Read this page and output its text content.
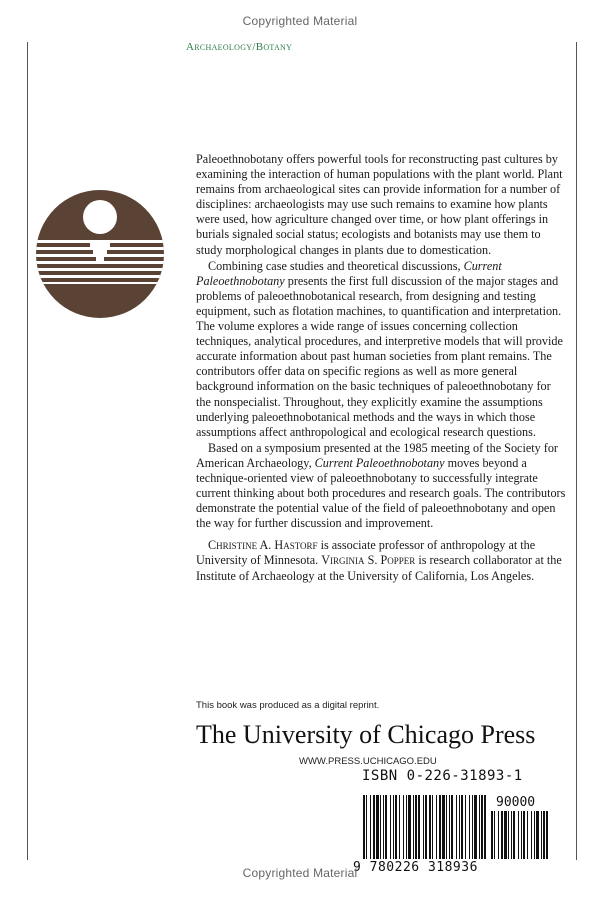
Copyrighted Material
Archaeology/Botany

Paleoethnobotany offers powerful tools for reconstructing past cultures by examining the interaction of human populations with the plant world. Plant remains from archaeological sites can provide information for a number of disciplines: archaeologists may use such remains to examine how plants were used, how agriculture changed over time, or how plant offerings in burials signaled social status; ecologists and botanists may use them to study morphological changes in plants due to domestication.

Combining case studies and theoretical discussions, Current Paleoethnobotany presents the first full discussion of the major stages and problems of paleoethnobotanical research, from designing and testing equipment, such as flotation machines, to quantification and interpretation. The volume explores a wide range of issues concerning collection techniques, analytical procedures, and interpretive models that will provide accurate information about past human societies from plant remains. The contributors offer data on specific regions as well as more general background information on the basic techniques of paleoethnobotany for the nonspecialist. Throughout, they explicitly examine the assumptions underlying paleoethnobotanical methods and the ways in which those assumptions affect anthropological and ecological research questions.

Based on a symposium presented at the 1985 meeting of the Society for American Archaeology, Current Paleoethnobotany moves beyond a technique-oriented view of paleoethnobotany to successfully integrate current thinking about both procedures and research goals. The contributors demonstrate the potential value of the field of paleoethnobotany and open the way for further discussion and improvement.

Christine A. Hastorf is associate professor of anthropology at the University of Minnesota. Virginia S. Popper is research collaborator at the Institute of Archaeology at the University of California, Los Angeles.

This book was produced as a digital reprint.
The University of Chicago Press
WWW.PRESS.UCHICAGO.EDU
ISBN 0-226-31893-1
90000
9 780226 318936
Copyrighted Material
